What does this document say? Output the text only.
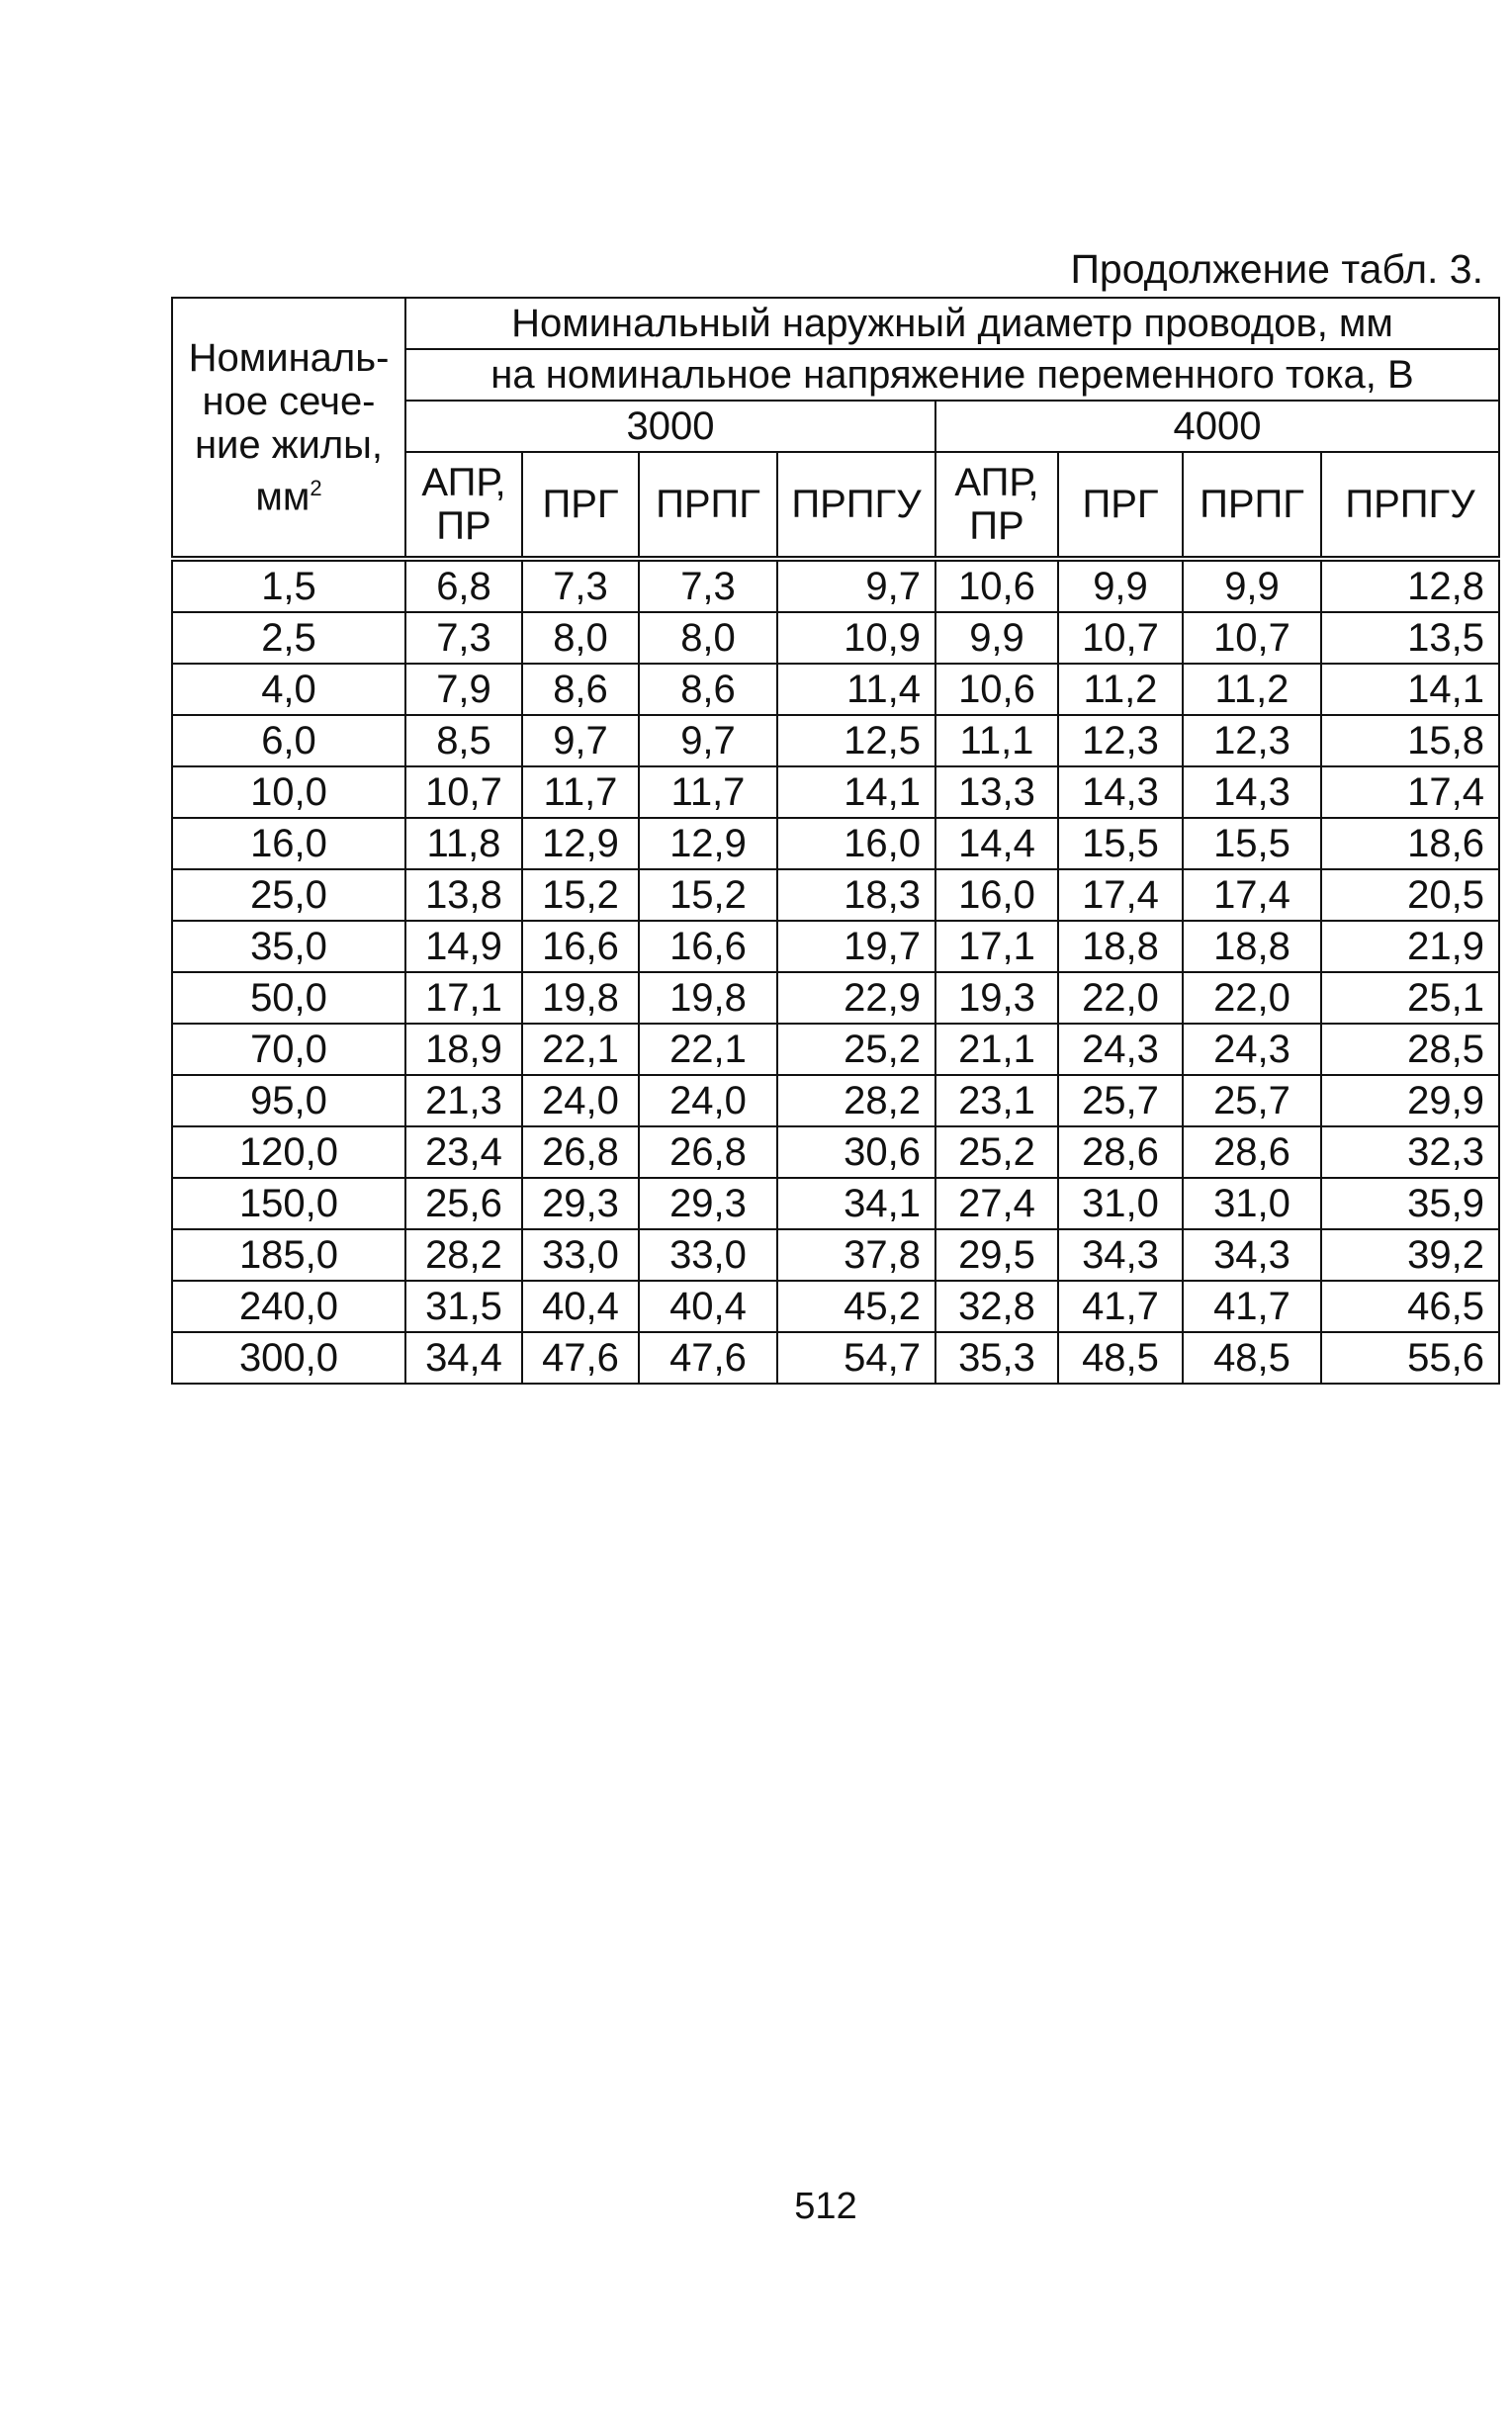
Продолжение табл. 3.
Номиналь-ное сече-ние жилы, $мм^2$	Номинальный наружный диаметр проводов, мм							
	на номинальное напряжение переменного тока, В							
	3000				4000			
	АПР, ПР	ПРГ	ПРПГ	ПРПГУ	АПР, ПР	ПРГ	ПРПГ	ПРПГУ
1,5	6,8	7,3	7,3	9,7	10,6	9,9	9,9	12,8
2,5	7,3	8,0	8,0	10,9	9,9	10,7	10,7	13,5
4,0	7,9	8,6	8,6	11,4	10,6	11,2	11,2	14,1
6,0	8,5	9,7	9,7	12,5	11,1	12,3	12,3	15,8
10,0	10,7	11,7	11,7	14,1	13,3	14,3	14,3	17,4
16,0	11,8	12,9	12,9	16,0	14,4	15,5	15,5	18,6
25,0	13,8	15,2	15,2	18,3	16,0	17,4	17,4	20,5
35,0	14,9	16,6	16,6	19,7	17,1	18,8	18,8	21,9
50,0	17,1	19,8	19,8	22,9	19,3	22,0	22,0	25,1
70,0	18,9	22,1	22,1	25,2	21,1	24,3	24,3	28,5
95,0	21,3	24,0	24,0	28,2	23,1	25,7	25,7	29,9
120,0	23,4	26,8	26,8	30,6	25,2	28,6	28,6	32,3
150,0	25,6	29,3	29,3	34,1	27,4	31,0	31,0	35,9
185,0	28,2	33,0	33,0	37,8	29,5	34,3	34,3	39,2
240,0	31,5	40,4	40,4	45,2	32,8	41,7	41,7	46,5
300,0	34,4	47,6	47,6	54,7	35,3	48,5	48,5	55,6
512
